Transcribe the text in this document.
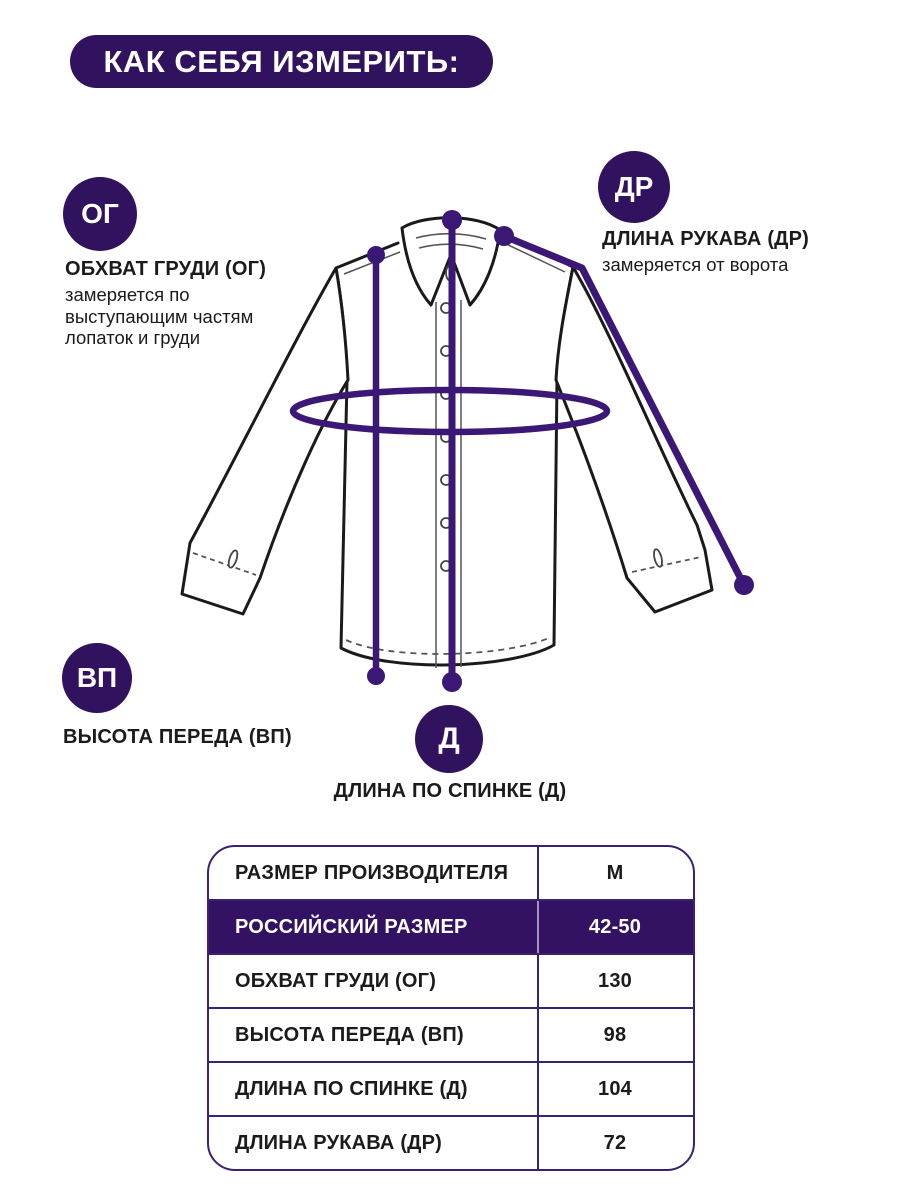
КАК СЕБЯ ИЗМЕРИТЬ:
ОГ
ДР
ВП
Д
ОБХВАТ ГРУДИ (ОГ)
замеряется по выступающим частям лопаток и груди
ДЛИНА РУКАВА (ДР)
замеряется от ворота
ВЫСОТА ПЕРЕДА (ВП)
ДЛИНА ПО СПИНКЕ (Д)
РАЗМЕР ПРОИЗВОДИТЕЛЯ	М
РОССИЙСКИЙ РАЗМЕР	42-50
ОБХВАТ ГРУДИ (ОГ)	130
ВЫСОТА ПЕРЕДА (ВП)	98
ДЛИНА ПО СПИНКЕ (Д)	104
ДЛИНА РУКАВА (ДР)	72
